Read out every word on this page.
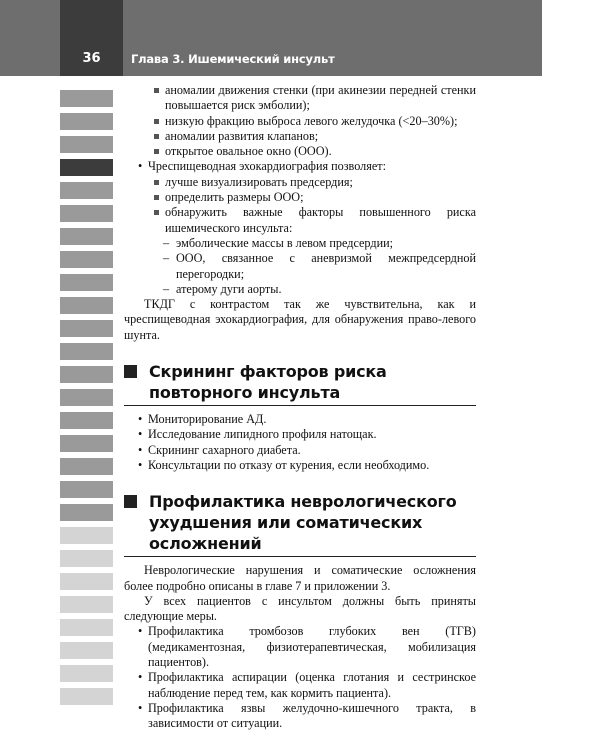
36	Глава 3. Ишемический инсульт
аномалии движения стенки (при акинезии передней стенки повышается риск эмболии);
низкую фракцию выброса левого желудочка (<20–30%);
аномалии развития клапанов;
открытое овальное окно (ООО).
• Чреспищеводная эхокардиография позволяет:
лучше визуализировать предсердия;
определить размеры ООО;
обнаружить важные факторы повышенного риска ишемического инсульта:
– эмболические массы в левом предсердии;
– ООО, связанное с аневризмой межпредсердной перегородки;
– атерому дуги аорты.

ТКДГ с контрастом так же чувствительна, как и чреспищеводная эхокардиография, для обнаружения право-левого шунта.

Скрининг факторов риска повторного инсульта
• Мониторирование АД.
• Исследование липидного профиля натощак.
• Скрининг сахарного диабета.
• Консультации по отказу от курения, если необходимо.
Профилактика неврологического ухудшения или соматических осложнений

Неврологические нарушения и соматические осложнения более подробно описаны в главе 7 и приложении 3.

У всех пациентов с инсультом должны быть приняты следующие меры.

• Профилактика тромбозов глубоких вен (ТГВ) (медикаментозная, физиотерапевтическая, мобилизация пациентов).
• Профилактика аспирации (оценка глотания и сестринское наблюдение перед тем, как кормить пациента).
• Профилактика язвы желудочно-кишечного тракта, в зависимости от ситуации.
